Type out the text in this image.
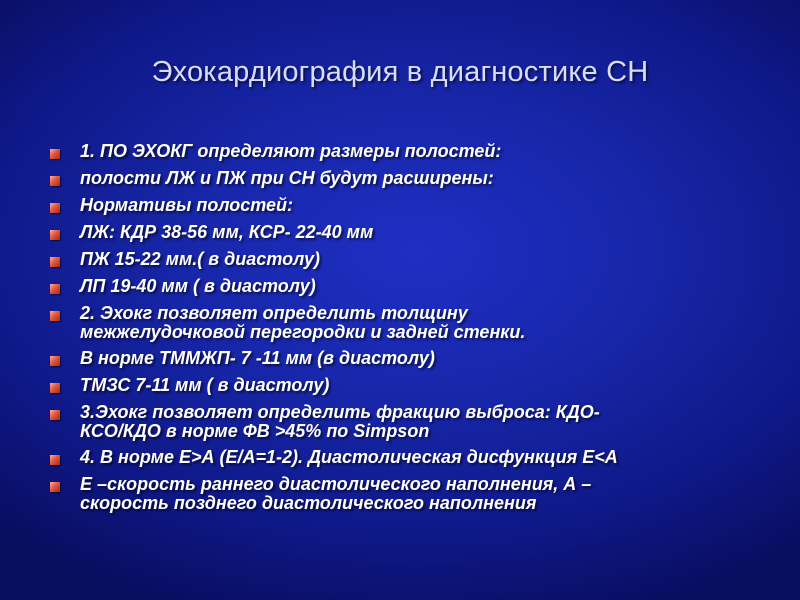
Эхокардиография в диагностике СН
1. ПО ЭХОКГ определяют размеры полостей:
полости ЛЖ и ПЖ при СН будут расширены:
Нормативы полостей:
ЛЖ: КДР 38-56 мм, КСР- 22-40 мм
ПЖ 15-22 мм.( в диастолу)
ЛП 19-40 мм ( в диастолу)
2. Эхокг позволяет определить толщину
межжелудочковой перегородки и задней стенки.
В норме ТММЖП- 7 -11 мм (в диастолу)
ТМЗС 7-11 мм ( в диастолу)
3.Эхокг позволяет определить фракцию выброса: КДО-
КСО/КДО в норме ФВ >45% по Simpson
4. В норме Е>А (Е/А=1-2). Диастолическая дисфункция Е<А
Е –скорость раннего диастолического наполнения, А –
скорость позднего диастолического наполнения
